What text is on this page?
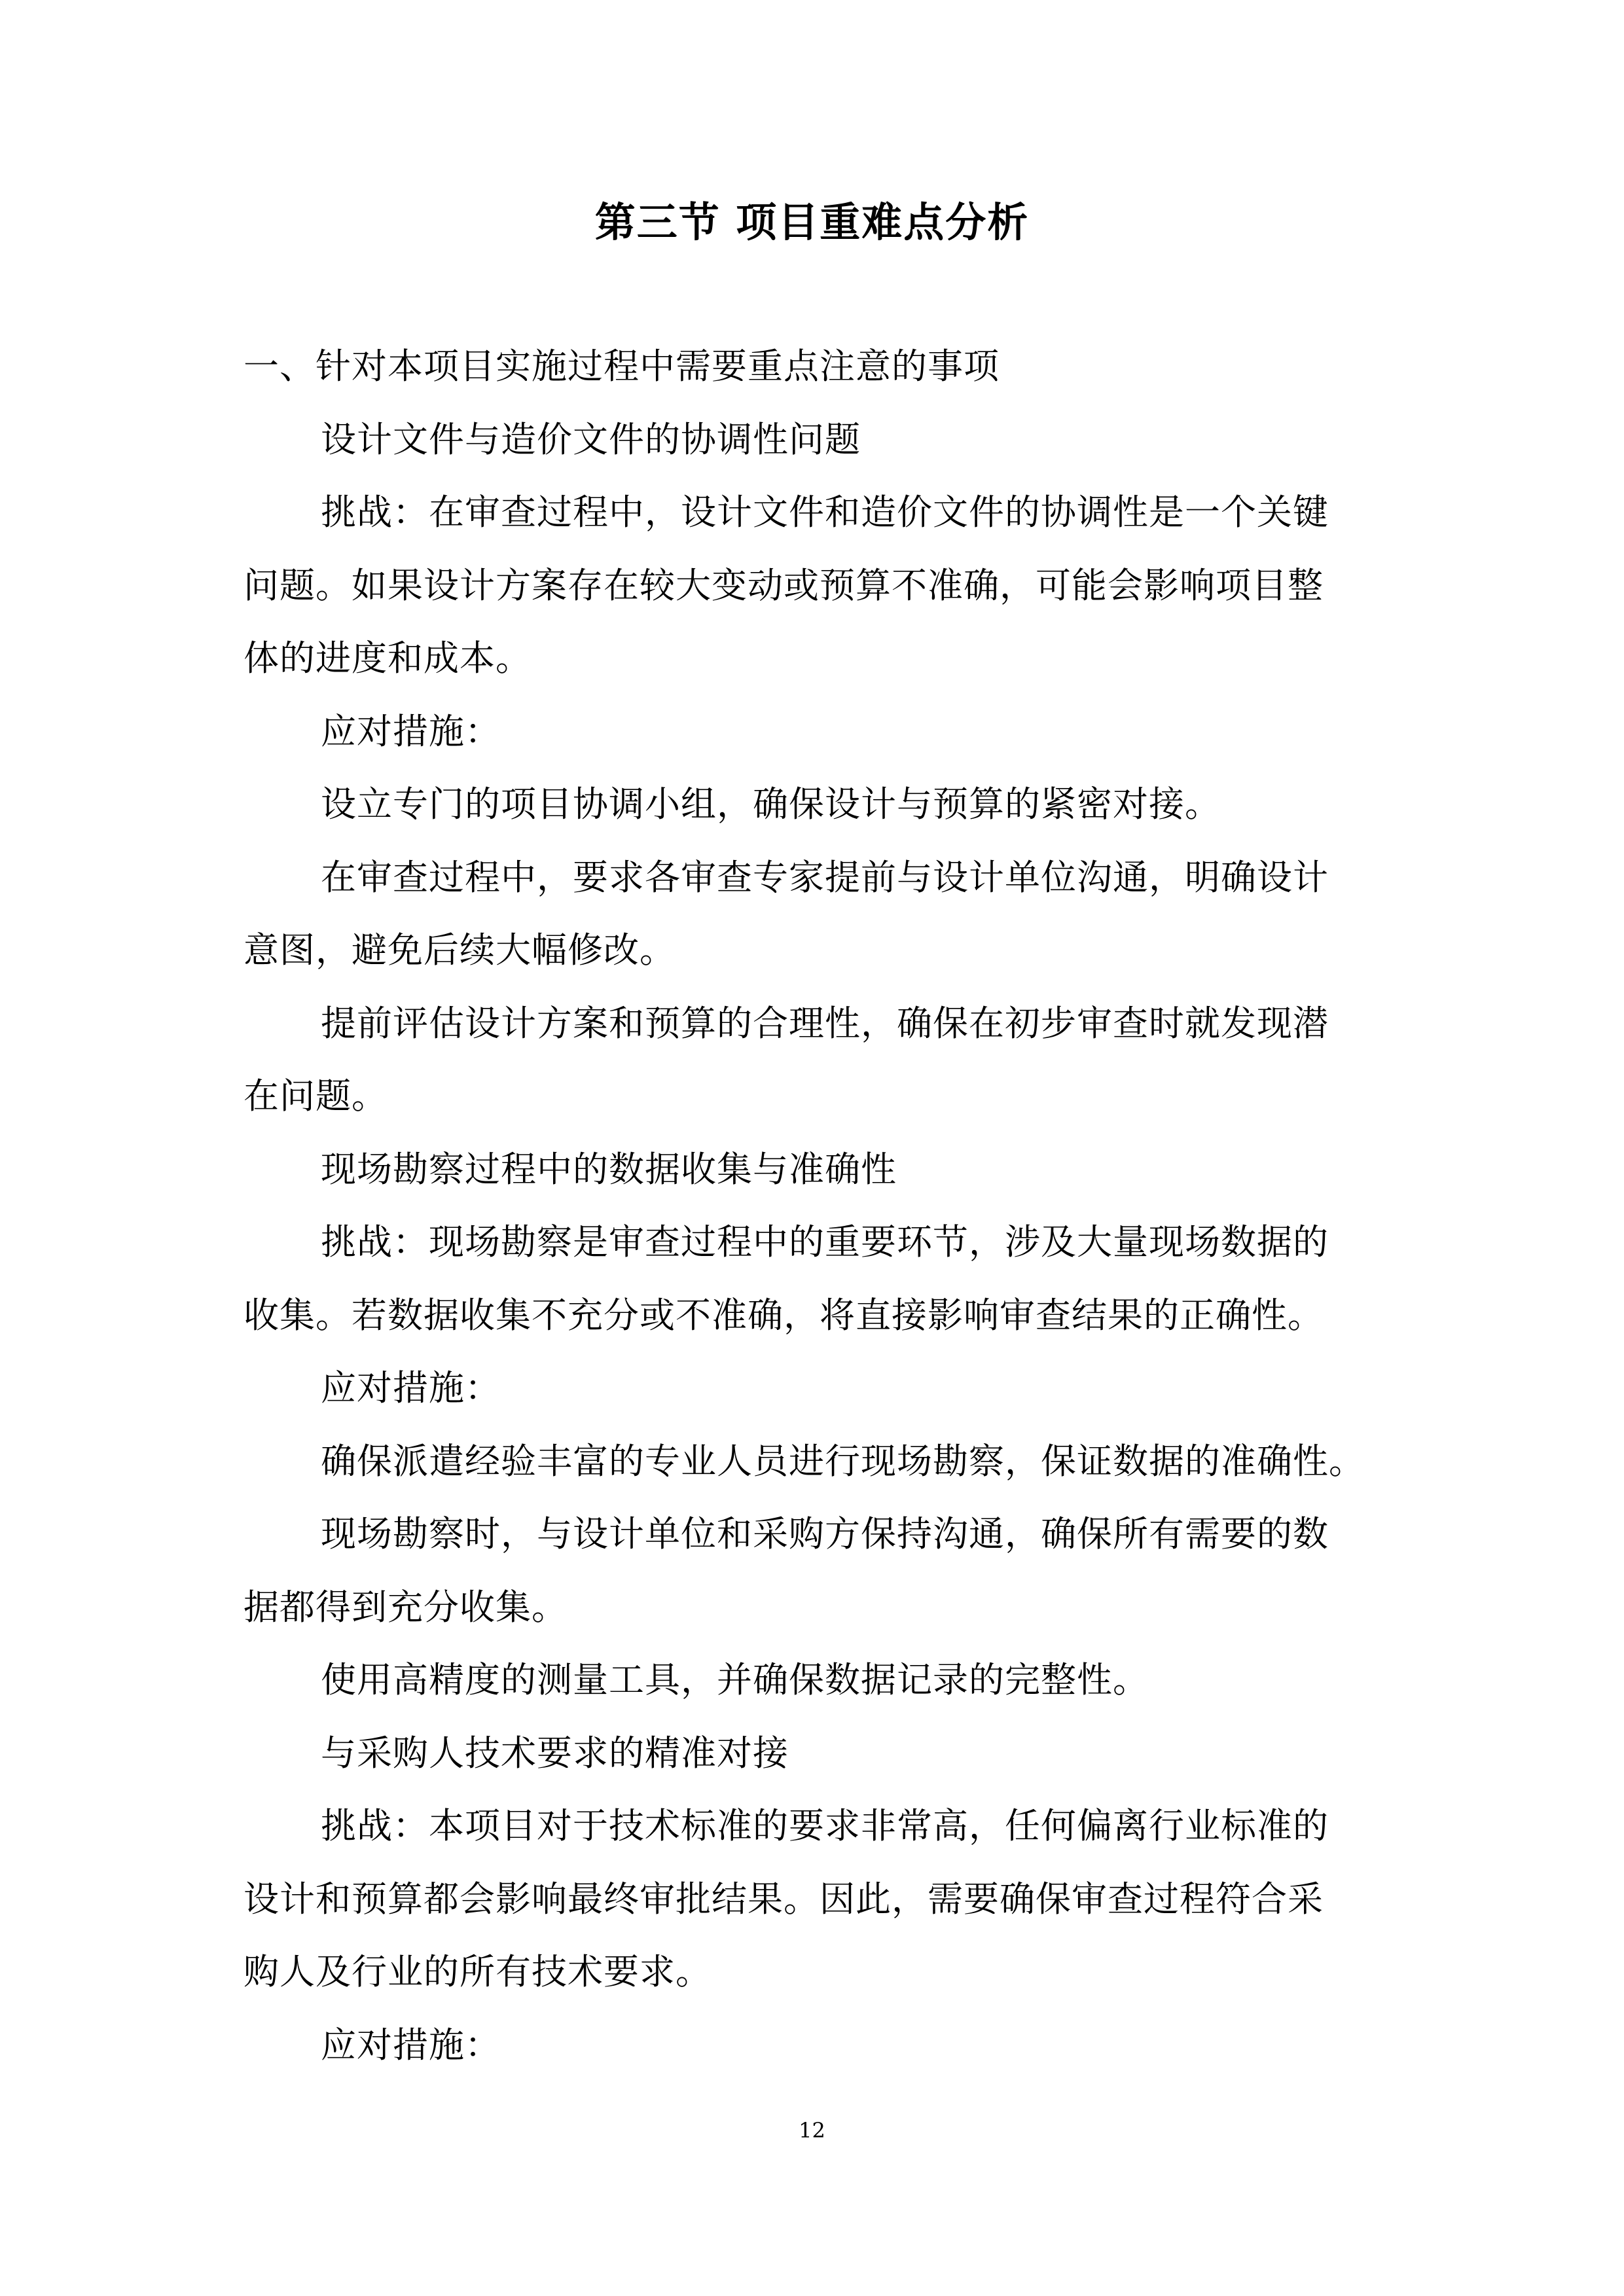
第三节 项目重难点分析
一、针对本项目实施过程中需要重点注意的事项
设计文件与造价文件的协调性问题
挑战：在审查过程中，设计文件和造价文件的协调性是一个关键
问题。如果设计方案存在较大变动或预算不准确，可能会影响项目整
体的进度和成本。
应对措施：
设立专门的项目协调小组，确保设计与预算的紧密对接。
在审查过程中，要求各审查专家提前与设计单位沟通，明确设计
意图，避免后续大幅修改。
提前评估设计方案和预算的合理性，确保在初步审查时就发现潜
在问题。
现场勘察过程中的数据收集与准确性
挑战：现场勘察是审查过程中的重要环节，涉及大量现场数据的
收集。若数据收集不充分或不准确，将直接影响审查结果的正确性。
应对措施：
确保派遣经验丰富的专业人员进行现场勘察，保证数据的准确性。
现场勘察时，与设计单位和采购方保持沟通，确保所有需要的数
据都得到充分收集。
使用高精度的测量工具，并确保数据记录的完整性。
与采购人技术要求的精准对接
挑战：本项目对于技术标准的要求非常高，任何偏离行业标准的
设计和预算都会影响最终审批结果。因此，需要确保审查过程符合采
购人及行业的所有技术要求。
应对措施：
12
